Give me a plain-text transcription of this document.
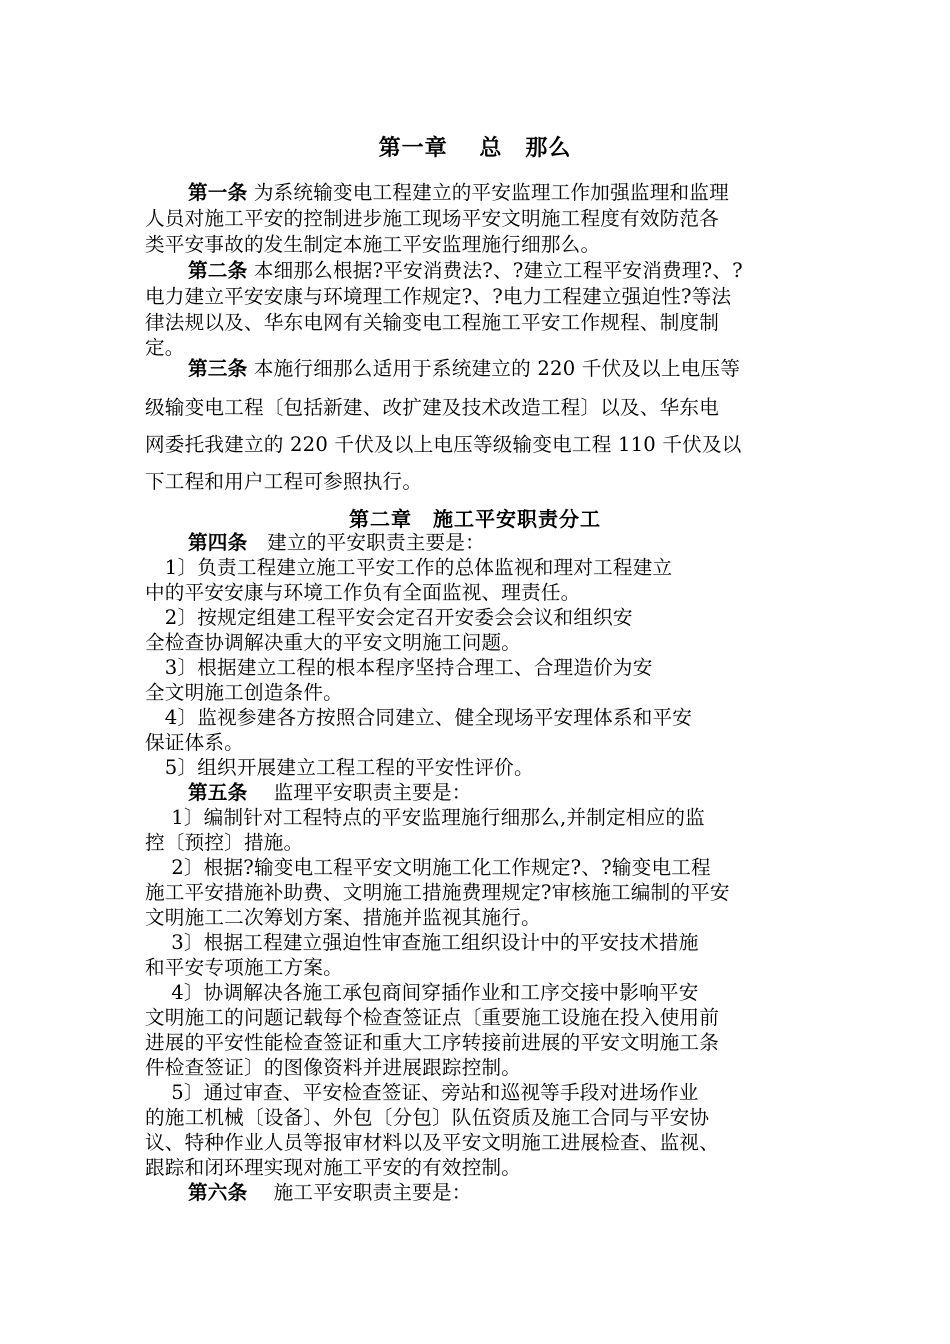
第一章　 总　那么
第一条 为系统输变电工程建立的平安监理工作加强监理和监理
人员对施工平安的控制进步施工现场平安文明施工程度有效防范各
类平安事故的发生制定本施工平安监理施行细那么。
第二条 本细那么根据?平安消费法?、?建立工程平安消费理?、?
电力建立平安安康与环境理工作规定?、?电力工程建立强迫性?等法
律法规以及、华东电网有关输变电工程施工平安工作规程、制度制
定。
第三条 本施行细那么适用于系统建立的 220 千伏及以上电压等
级输变电工程〔包括新建、改扩建及技术改造工程〕以及、华东电
网委托我建立的 220 千伏及以上电压等级输变电工程 110 千伏及以
下工程和用户工程可参照执行。
第二章　施工平安职责分工
第四条　建立的平安职责主要是：
　1〕负责工程建立施工平安工作的总体监视和理对工程建立
中的平安安康与环境工作负有全面监视、理责任。
　2〕按规定组建工程平安会定召开安委会会议和组织安
全检查协调解决重大的平安文明施工问题。
　3〕根据建立工程的根本程序坚持合理工、合理造价为安
全文明施工创造条件。
　4〕监视参建各方按照合同建立、健全现场平安理体系和平安
保证体系。
　5〕组织开展建立工程工程的平安性评价。
第五条　 监理平安职责主要是：
　 1〕编制针对工程特点的平安监理施行细那么,并制定相应的监
控〔预控〕措施。
　 2〕根据?输变电工程平安文明施工化工作规定?、?输变电工程
施工平安措施补助费、文明施工措施费理规定?审核施工编制的平安
文明施工二次筹划方案、措施并监视其施行。
　 3〕根据工程建立强迫性审查施工组织设计中的平安技术措施
和平安专项施工方案。
　 4〕协调解决各施工承包商间穿插作业和工序交接中影响平安
文明施工的问题记载每个检查签证点〔重要施工设施在投入使用前
进展的平安性能检查签证和重大工序转接前进展的平安文明施工条
件检查签证〕的图像资料并进展跟踪控制。
　 5〕通过审查、平安检查签证、旁站和巡视等手段对进场作业
的施工机械〔设备〕、外包〔分包〕队伍资质及施工合同与平安协
议、特种作业人员等报审材料以及平安文明施工进展检查、监视、
跟踪和闭环理实现对施工平安的有效控制。
第六条　 施工平安职责主要是：
